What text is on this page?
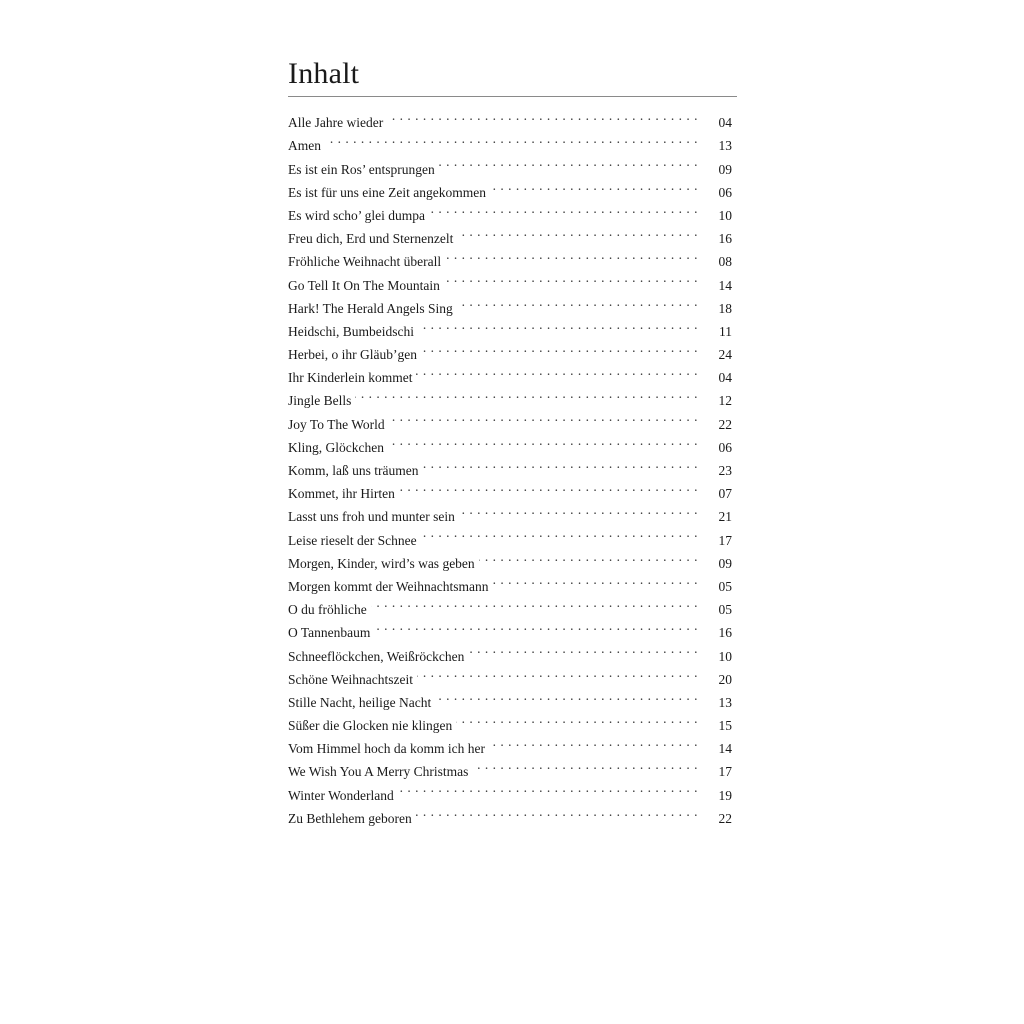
Inhalt
Alle Jahre wieder . . .	04
Amen . . .	13
Es ist ein Ros’ entsprungen . . .	09
Es ist für uns eine Zeit angekommen . . .	06
Es wird scho’ glei dumpa . . .	10
Freu dich, Erd und Sternenzelt . . .	16
Fröhliche Weihnacht überall . . .	08
Go Tell It On The Mountain . . .	14
Hark! The Herald Angels Sing . . .	18
Heidschi, Bumbeidschi . . .	11
Herbei, o ihr Gläub’gen . . .	24
Ihr Kinderlein kommet . . .	04
Jingle Bells . . .	12
Joy To The World . . .	22
Kling, Glöckchen . . .	06
Komm, laß uns träumen . . .	23
Kommet, ihr Hirten . . .	07
Lasst uns froh und munter sein . . .	21
Leise rieselt der Schnee . . .	17
Morgen, Kinder, wird’s was geben . . .	09
Morgen kommt der Weihnachtsmann . . .	05
O du fröhliche . . .	05
O Tannenbaum . . .	16
Schneeflöckchen, Weißröckchen . . .	10
Schöne Weihnachtszeit . . .	20
Stille Nacht, heilige Nacht . . .	13
Süßer die Glocken nie klingen . . .	15
Vom Himmel hoch da komm ich her . . .	14
We Wish You A Merry Christmas . . .	17
Winter Wonderland . . .	19
Zu Bethlehem geboren . . .	22
